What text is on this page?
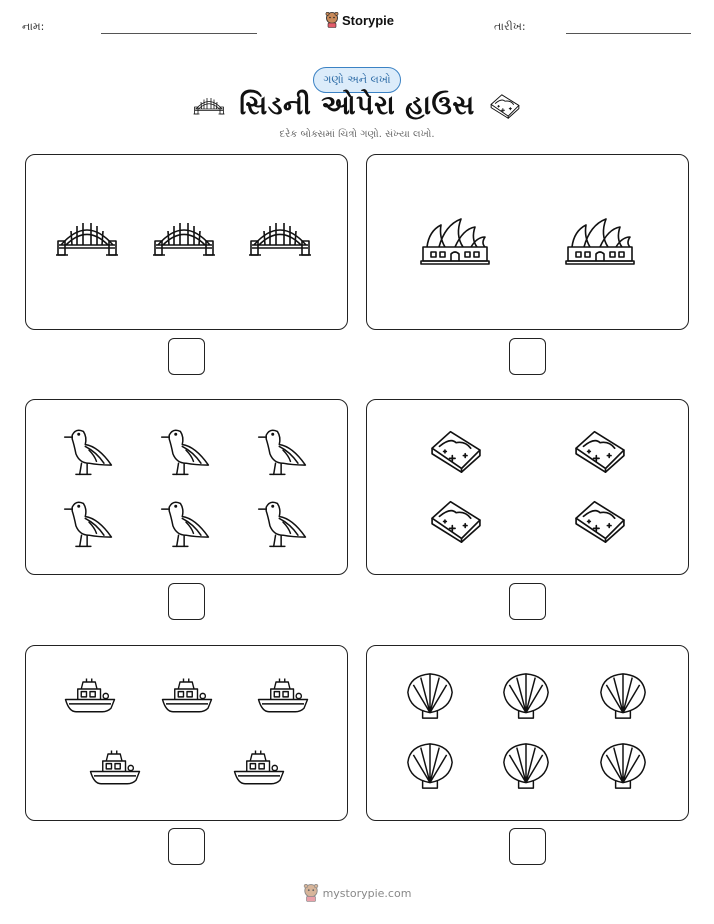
નામ:	Storypie	તારીખ:
ગણો અને લખો
સિડની ઓપેરા હાઉસ
દરેક બોક્સમાં ચિત્રો ગણો. સંખ્યા લખો.
mystorypie.com
